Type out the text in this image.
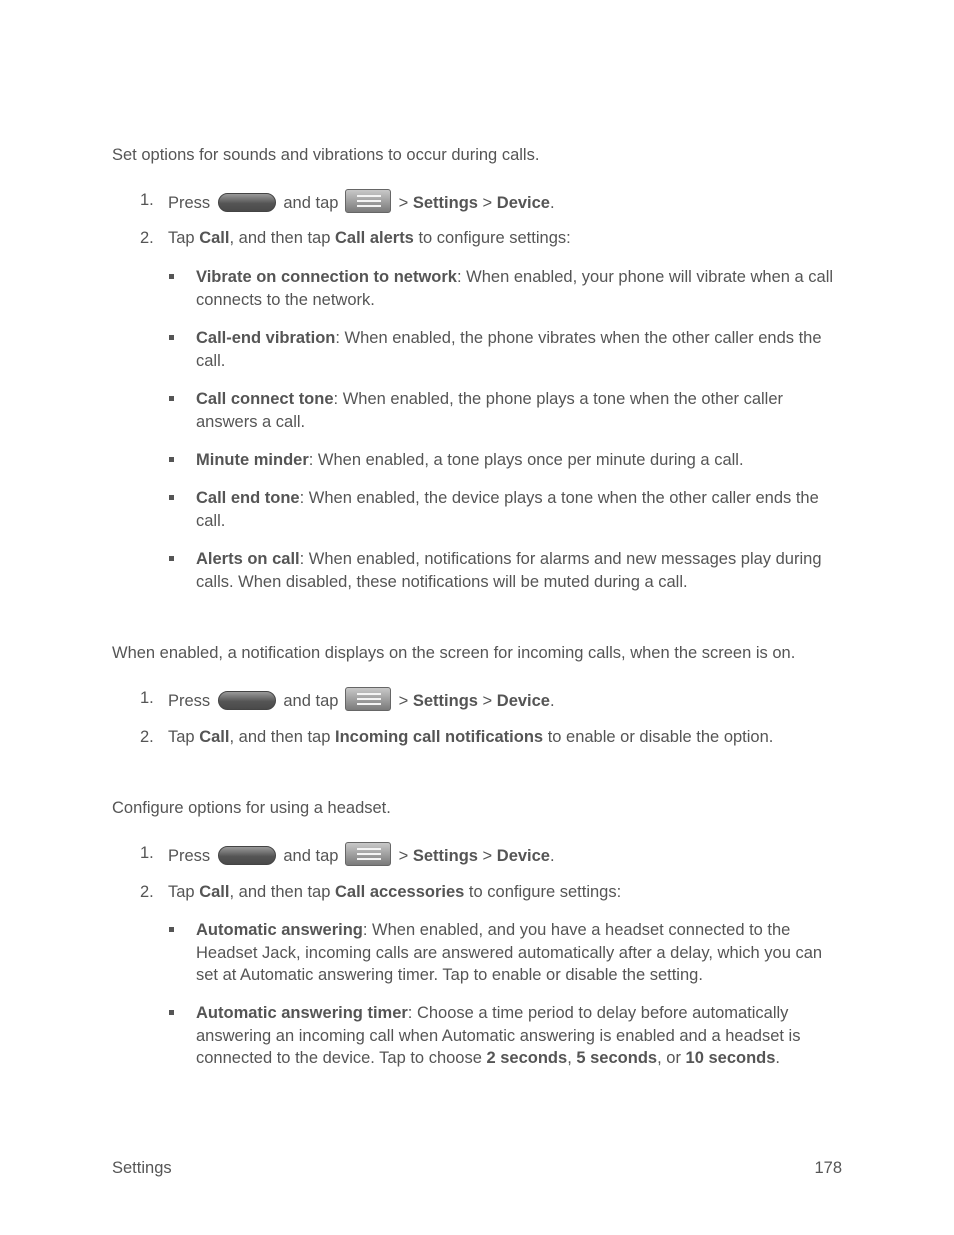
Set options for sounds and vibrations to occur during calls.
1. Press	and tap	> Settings > Device.
2. Tap Call, and then tap Call alerts to configure settings:
Vibrate on connection to network: When enabled, your phone will vibrate when a call connects to the network.
Call-end vibration: When enabled, the phone vibrates when the other caller ends the call.
Call connect tone: When enabled, the phone plays a tone when the other caller answers a call.
Minute minder: When enabled, a tone plays once per minute during a call.
Call end tone: When enabled, the device plays a tone when the other caller ends the call.
Alerts on call: When enabled, notifications for alarms and new messages play during calls. When disabled, these notifications will be muted during a call.
When enabled, a notification displays on the screen for incoming calls, when the screen is on.
1. Press	and tap	> Settings > Device.
2. Tap Call, and then tap Incoming call notifications to enable or disable the option.
Configure options for using a headset.
1. Press	and tap	> Settings > Device.
2. Tap Call, and then tap Call accessories to configure settings:
Automatic answering: When enabled, and you have a headset connected to the Headset Jack, incoming calls are answered automatically after a delay, which you can set at Automatic answering timer. Tap to enable or disable the setting.
Automatic answering timer: Choose a time period to delay before automatically answering an incoming call when Automatic answering is enabled and a headset is connected to the device. Tap to choose 2 seconds, 5 seconds, or 10 seconds.
Settings	178
